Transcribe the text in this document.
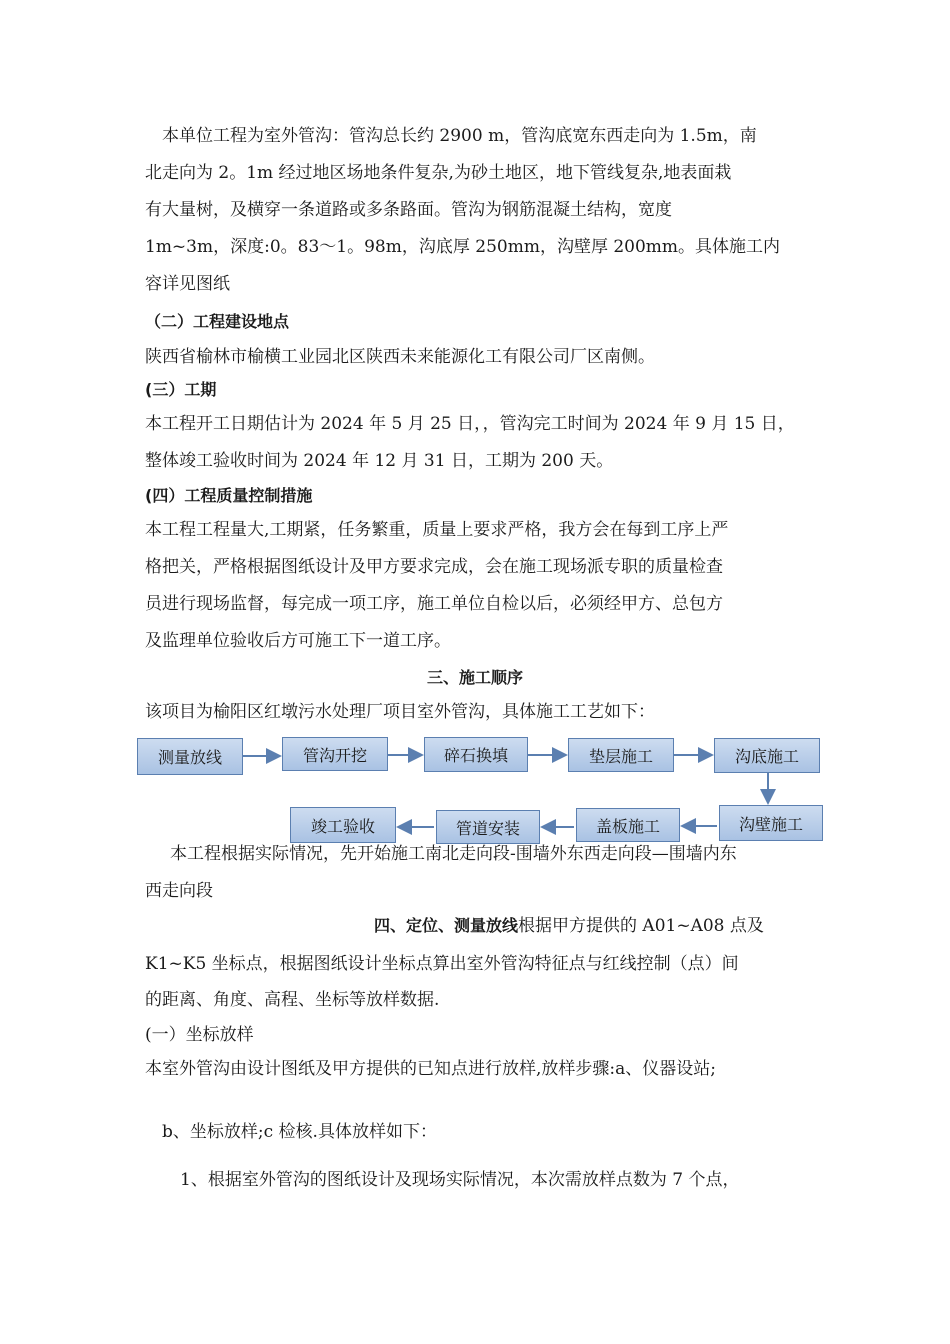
本单位工程为室外管沟：管沟总长约 2900 m，管沟底宽东西走向为 1.5m，南
北走向为 2。1m 经过地区场地条件复杂,为砂土地区，地下管线复杂,地表面栽
有大量树，及横穿一条道路或多条路面。管沟为钢筋混凝土结构，宽度
1m~3m，深度:0。83～1。98m，沟底厚 250mm，沟壁厚 200mm。具体施工内
容详见图纸
（二）工程建设地点
陕西省榆林市榆横工业园北区陕西未来能源化工有限公司厂区南侧。
(三）工期
本工程开工日期估计为 2024 年 5 月 25 日，，管沟完工时间为 2024 年 9 月 15 日，
整体竣工验收时间为 2024 年 12 月 31 日，工期为 200 天。
(四）工程质量控制措施
本工程工程量大,工期紧，任务繁重，质量上要求严格，我方会在每到工序上严
格把关，严格根据图纸设计及甲方要求完成，会在施工现场派专职的质量检查
员进行现场监督，每完成一项工序，施工单位自检以后，必须经甲方、总包方
及监理单位验收后方可施工下一道工序。
三、施工顺序
该项目为榆阳区红墩污水处理厂项目室外管沟，具体施工工艺如下：
测量放线	管沟开挖	碎石换填	垫层施工	沟底施工
竣工验收	管道安装	盖板施工	沟壁施工
本工程根据实际情况，先开始施工南北走向段-围墙外东西走向段—围墙内东
西走向段
四、定位、测量放线根据甲方提供的 A01~A08 点及
K1~K5 坐标点，根据图纸设计坐标点算出室外管沟特征点与红线控制（点）间
的距离、角度、高程、坐标等放样数据.
(一）坐标放样
本室外管沟由设计图纸及甲方提供的已知点进行放样,放样步骤:a、仪器设站;
b、坐标放样;c 检核.具体放样如下：
1、根据室外管沟的图纸设计及现场实际情况，本次需放样点数为 7 个点，
